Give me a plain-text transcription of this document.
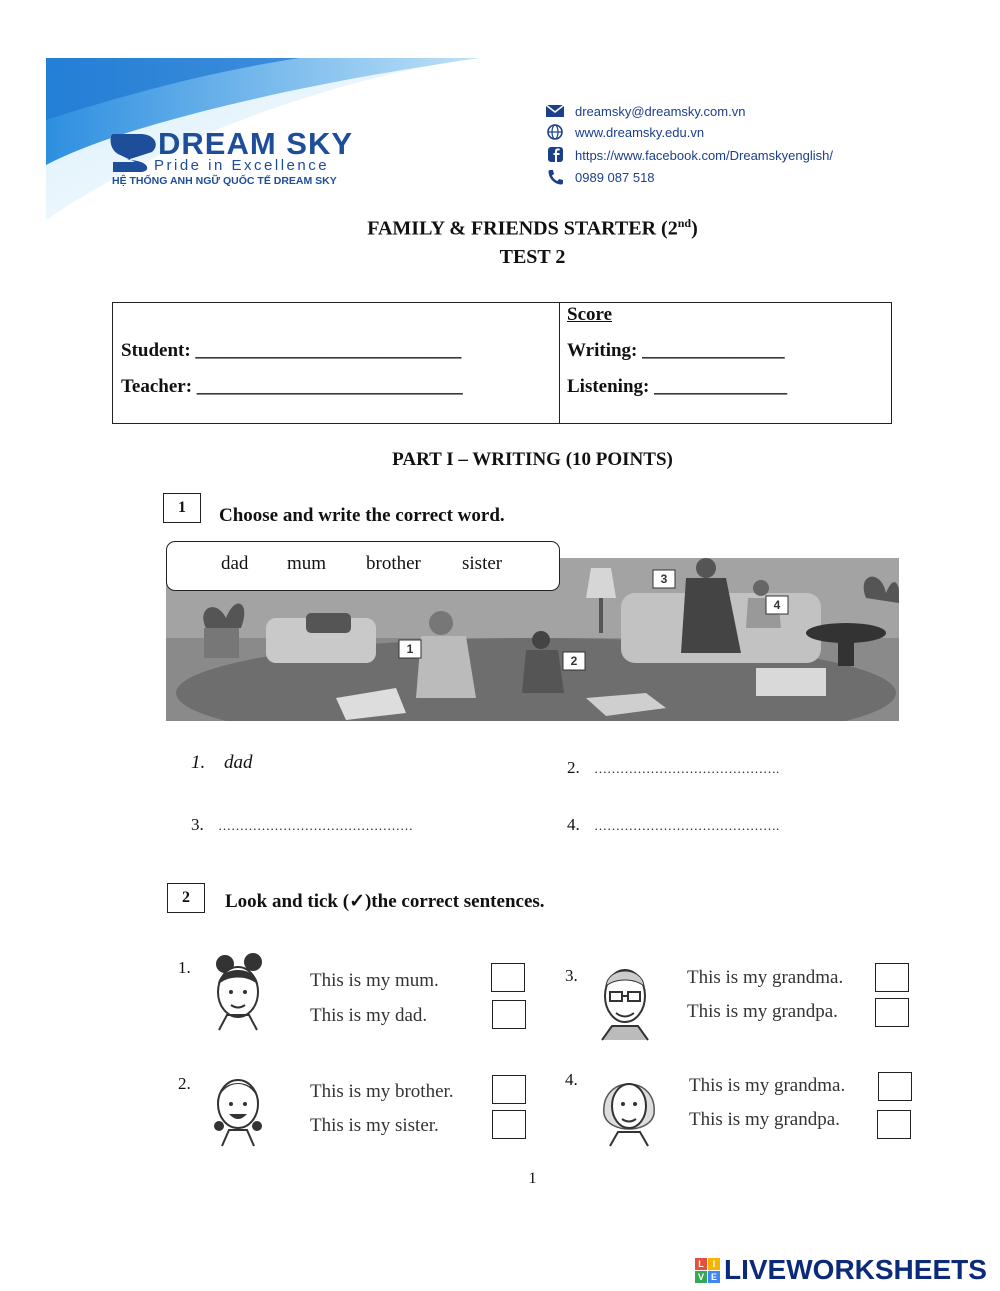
DREAM SKY
Pride in Excellence
HỆ THỐNG ANH NGỮ QUỐC TẾ DREAM SKY
dreamsky@dreamsky.com.vn
www.dreamsky.edu.vn
https://www.facebook.com/Dreamskyenglish/
0989 087 518
FAMILY & FRIENDS STARTER (2nd)
TEST 2
Student: ____________________________
Teacher: ____________________________
Score
Writing: _______________
Listening: ______________
PART I – WRITING (10 POINTS)
1	Choose and write the correct word.
dad mum brother sister
1
2
3
4
1. dad	2. …………………………………….
3. ………………………………………	4. …………………………………….
2	Look and tick (✓)the correct sentences.
1.
This is my mum.
This is my dad.
2.	This is my brother.
This is my sister.
3.	This is my grandma.
This is my grandpa.
4.	This is my grandma.
This is my grandpa.
1
L I
V E LIVEWORKSHEETS
